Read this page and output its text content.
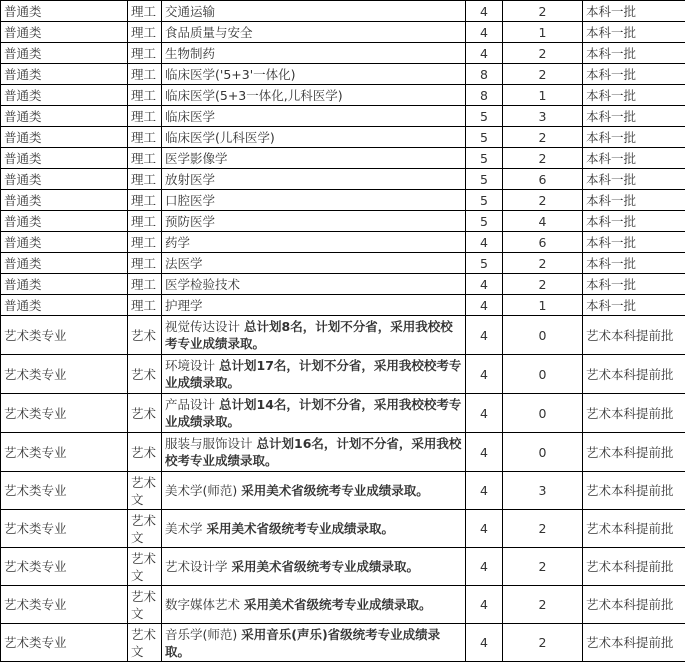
普通类	理工	交通运输	4	2	本科一批
普通类	理工	食品质量与安全	4	1	本科一批
普通类	理工	生物制药	4	2	本科一批
普通类	理工	临床医学('5+3'一体化)	8	2	本科一批
普通类	理工	临床医学(5+3一体化,儿科医学)	8	1	本科一批
普通类	理工	临床医学	5	3	本科一批
普通类	理工	临床医学(儿科医学)	5	2	本科一批
普通类	理工	医学影像学	5	2	本科一批
普通类	理工	放射医学	5	6	本科一批
普通类	理工	口腔医学	5	2	本科一批
普通类	理工	预防医学	5	4	本科一批
普通类	理工	药学	4	6	本科一批
普通类	理工	法医学	5	2	本科一批
普通类	理工	医学检验技术	4	2	本科一批
普通类	理工	护理学	4	1	本科一批
艺术类专业	艺术	视觉传达设计 总计划8名，计划不分省，采用我校校考专业成绩录取。	4	0	艺术本科提前批
艺术类专业	艺术	环境设计 总计划17名，计划不分省，采用我校校考专业成绩录取。	4	0	艺术本科提前批
艺术类专业	艺术	产品设计 总计划14名，计划不分省，采用我校校考专业成绩录取。	4	0	艺术本科提前批
艺术类专业	艺术	服装与服饰设计 总计划16名，计划不分省，采用我校校考专业成绩录取。	4	0	艺术本科提前批
艺术类专业	艺术文	美术学(师范) 采用美术省级统考专业成绩录取。	4	3	艺术本科提前批
艺术类专业	艺术文	美术学 采用美术省级统考专业成绩录取。	4	2	艺术本科提前批
艺术类专业	艺术文	艺术设计学 采用美术省级统考专业成绩录取。	4	2	艺术本科提前批
艺术类专业	艺术文	数字媒体艺术 采用美术省级统考专业成绩录取。	4	2	艺术本科提前批
艺术类专业	艺术文	音乐学(师范) 采用音乐(声乐)省级统考专业成绩录取。	4	2	艺术本科提前批
